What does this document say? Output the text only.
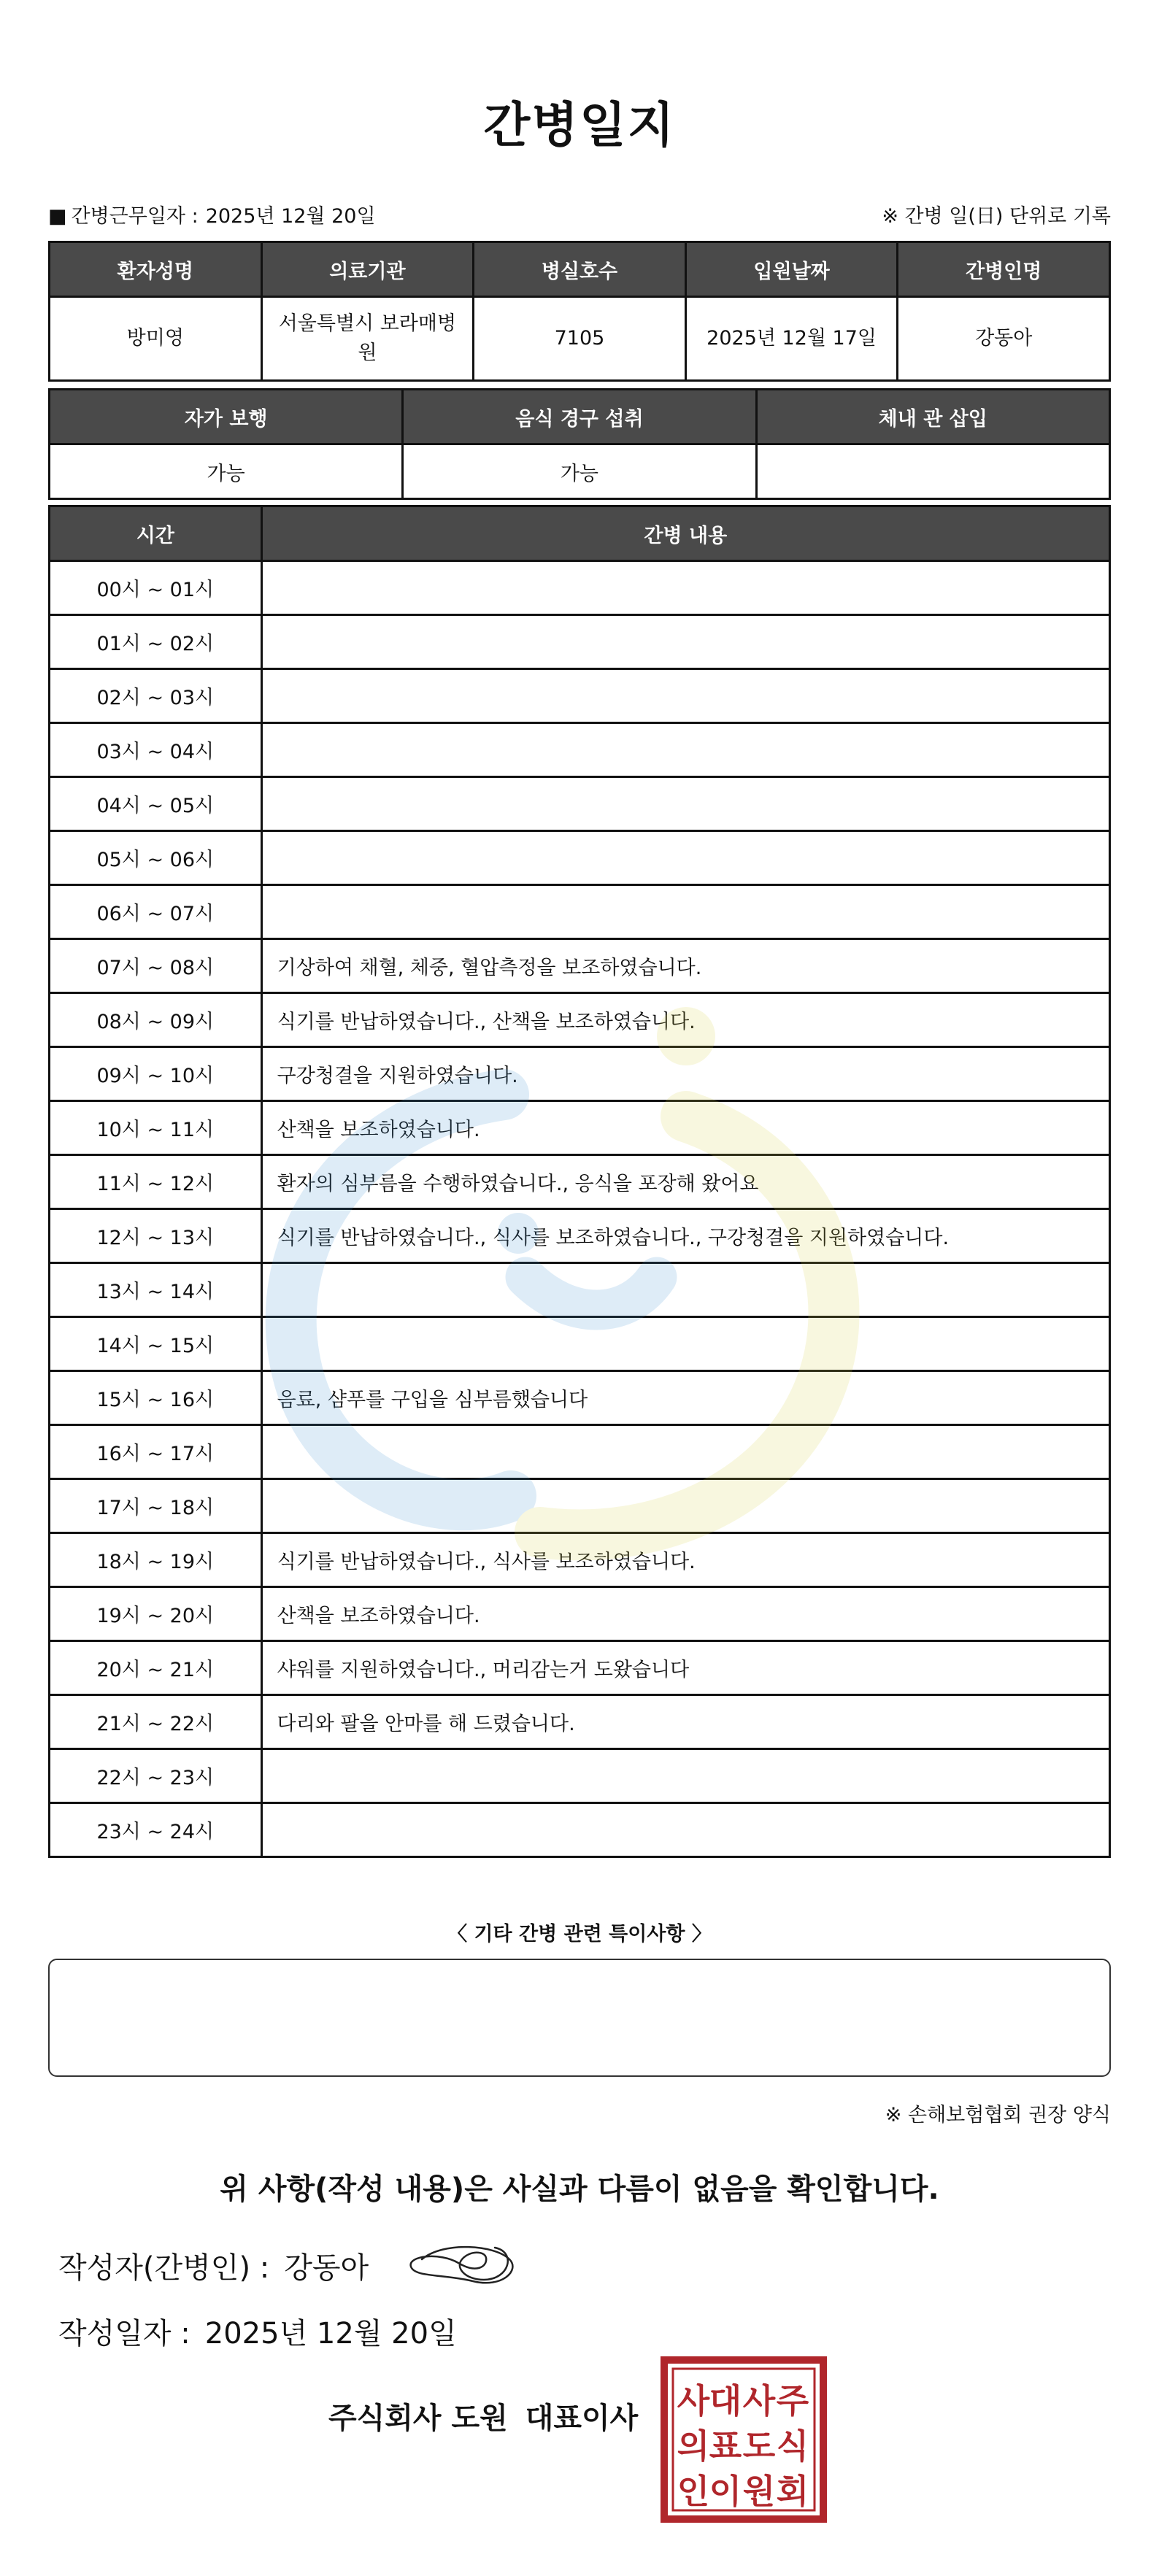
간병일지
■ 간병근무일자 : 2025년 12월 20일	※ 간병 일(日) 단위로 기록
환자성명	의료기관	병실호수	입원날짜	간병인명
방미영	서울특별시 보라매병원	7105	2025년 12월 17일	강동아
자가 보행	음식 경구 섭취	체내 관 삽입
가능	가능	
시간	간병 내용
00시 ~ 01시	
01시 ~ 02시	
02시 ~ 03시	
03시 ~ 04시	
04시 ~ 05시	
05시 ~ 06시	
06시 ~ 07시	
07시 ~ 08시	기상하여 채혈, 체중, 혈압측정을 보조하였습니다.
08시 ~ 09시	식기를 반납하였습니다., 산책을 보조하였습니다.
09시 ~ 10시	구강청결을 지원하였습니다.
10시 ~ 11시	산책을 보조하였습니다.
11시 ~ 12시	환자의 심부름을 수행하였습니다., 응식을 포장해 왔어요
12시 ~ 13시	식기를 반납하였습니다., 식사를 보조하였습니다., 구강청결을 지원하였습니다.
13시 ~ 14시	
14시 ~ 15시	
15시 ~ 16시	음료, 샴푸를 구입을 심부름했습니다
16시 ~ 17시	
17시 ~ 18시	
18시 ~ 19시	식기를 반납하였습니다., 식사를 보조하였습니다.
19시 ~ 20시	산책을 보조하였습니다.
20시 ~ 21시	샤워를 지원하였습니다., 머리감는거 도왔습니다
21시 ~ 22시	다리와 팔을 안마를 해 드렸습니다.
22시 ~ 23시	
23시 ~ 24시	
〈 기타 간병 관련 특이사항 〉
※ 손해보험협회 권장 양식
위 사항(작성 내용)은 사실과 다름이 없음을 확인합니다.
작성자(간병인) : 강동아
작성일자 : 2025년 12월 20일
주식회사 도원 대표이사	주
식
회
사
도
원
대
표
이
사
의
인
